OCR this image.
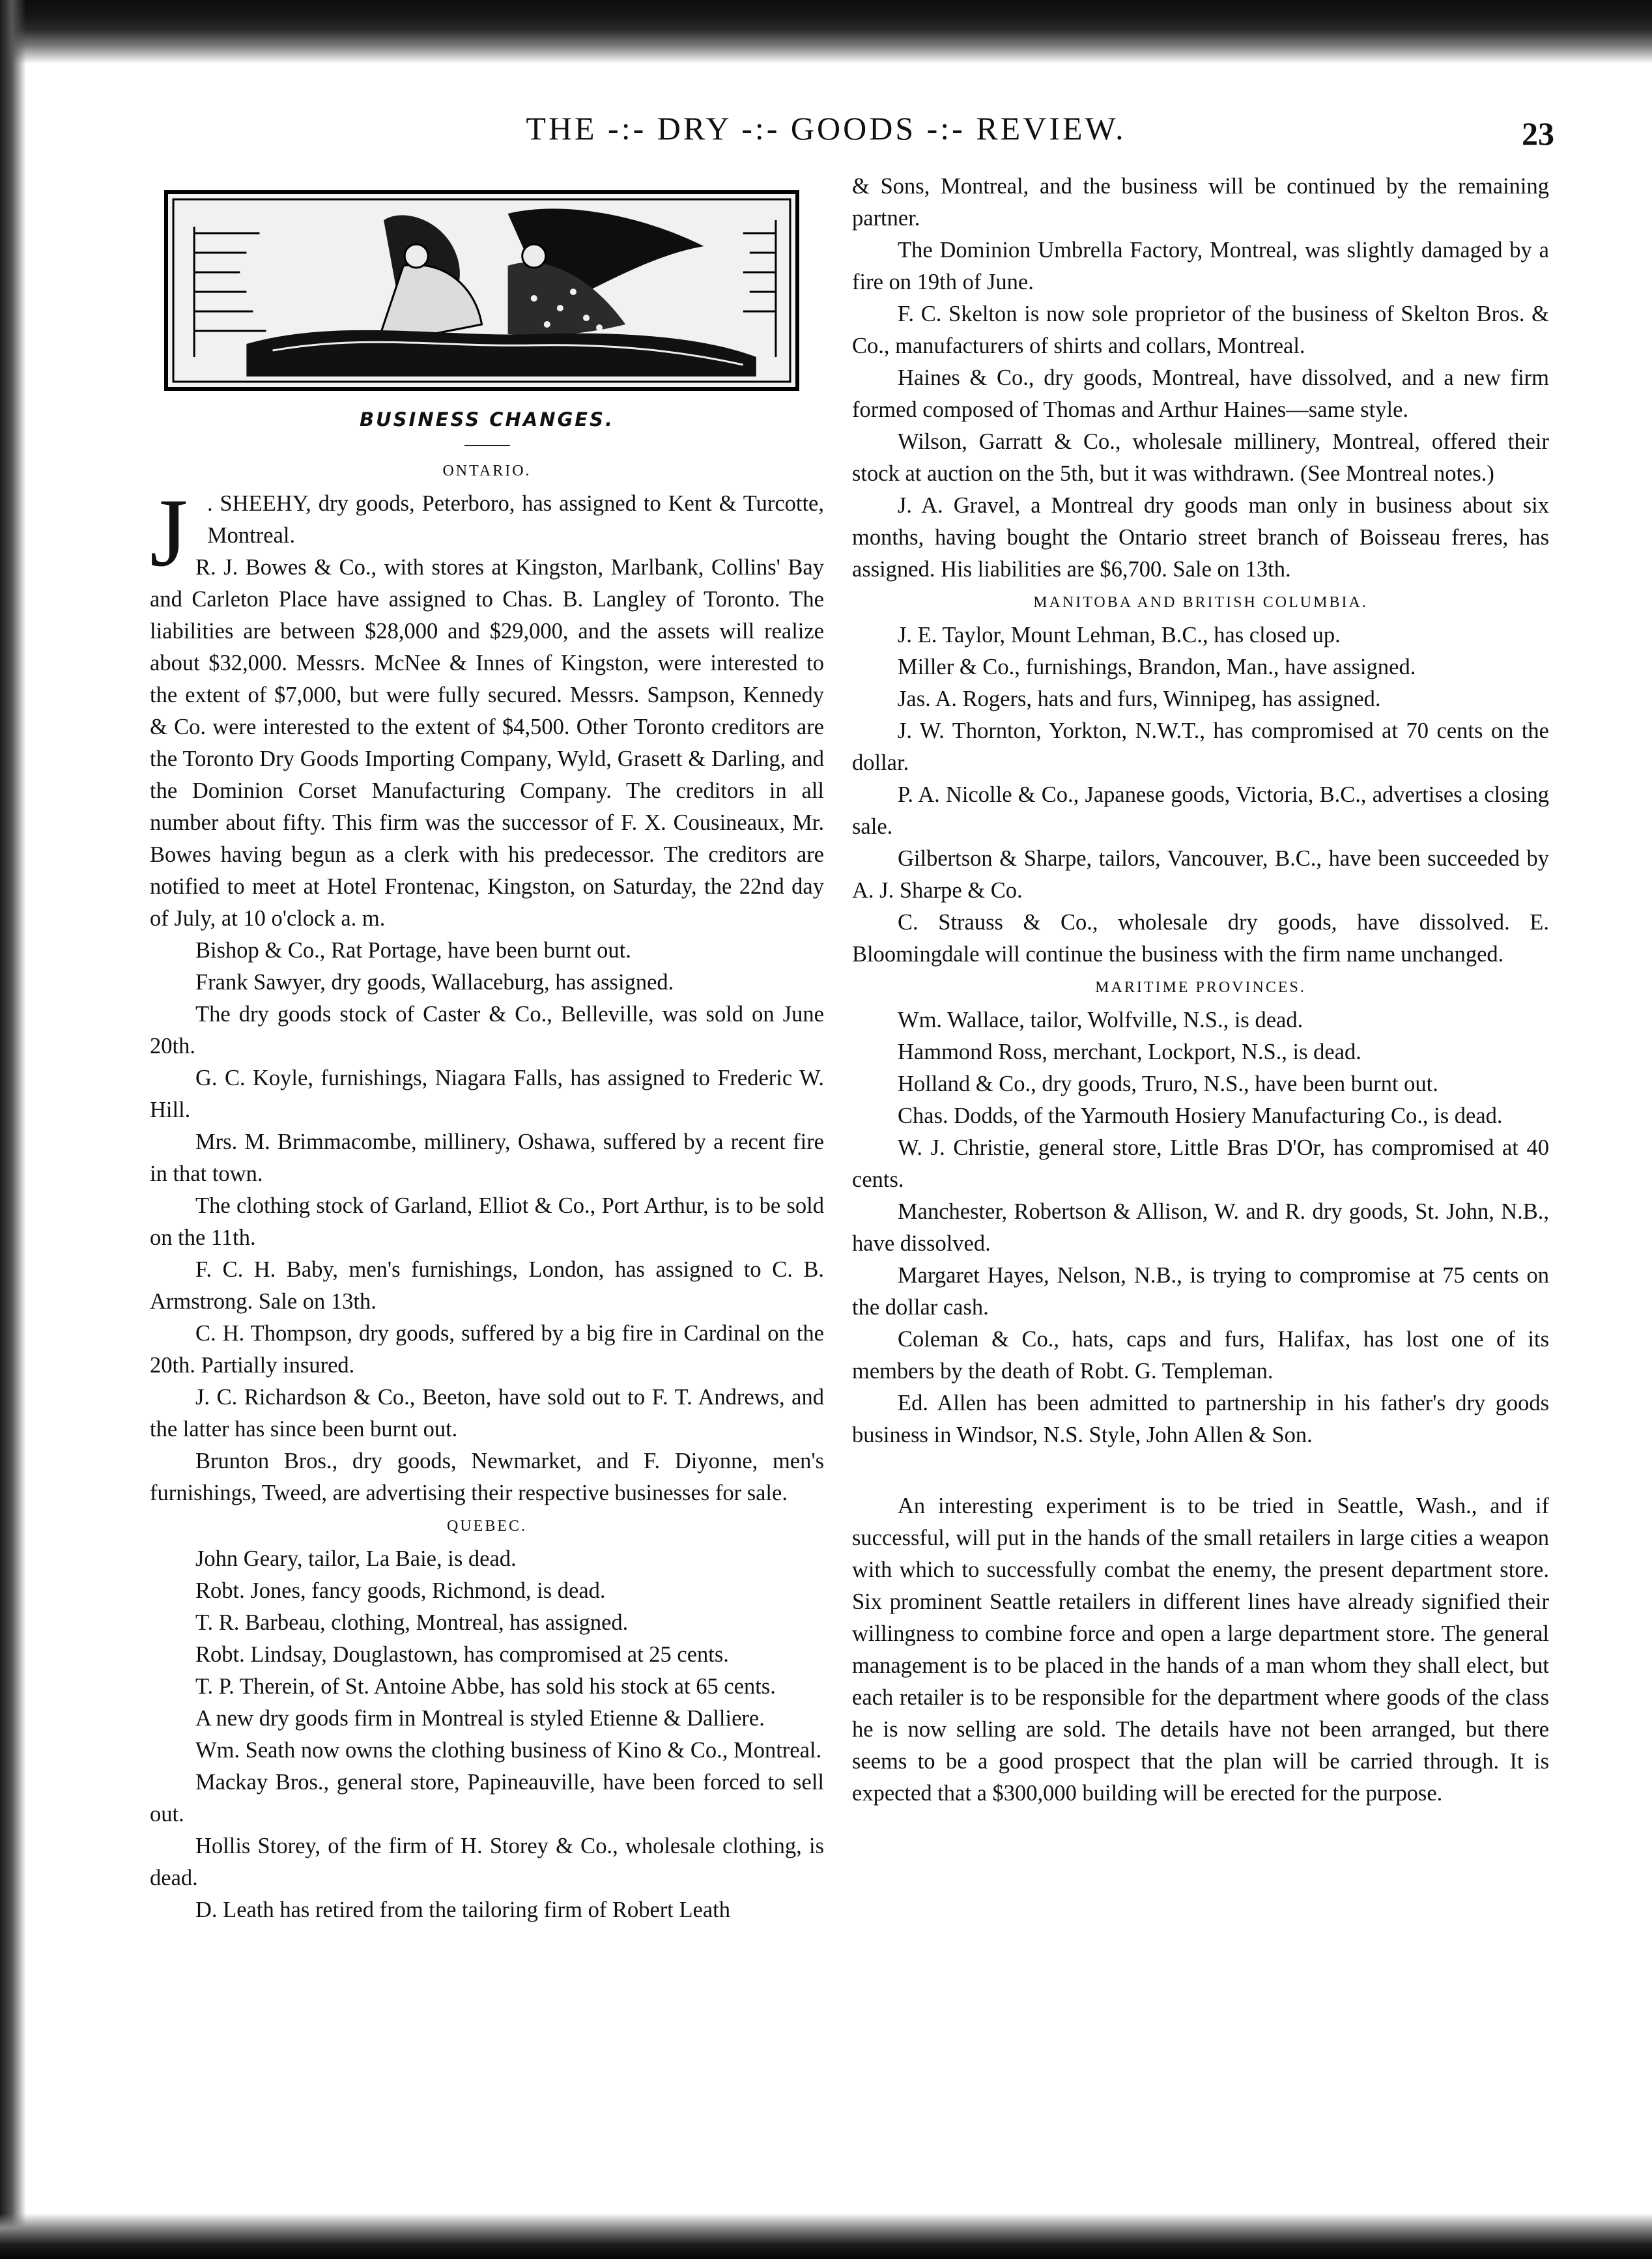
THE -:- DRY -:- GOODS -:- REVIEW.	23
BUSINESS CHANGES.
ONTARIO.
J . SHEEHY, dry goods, Peterboro, has assigned to Kent & Turcotte, Montreal.

R. J. Bowes & Co., with stores at Kingston, Marlbank, Collins' Bay and Carleton Place have assigned to Chas. B. Langley of Toronto. The liabilities are between $28,000 and $29,000, and the assets will realize about $32,000. Messrs. McNee & Innes of Kingston, were interested to the extent of $7,000, but were fully secured. Messrs. Sampson, Kennedy & Co. were interested to the extent of $4,500. Other Toronto creditors are the Toronto Dry Goods Importing Company, Wyld, Grasett & Darling, and the Dominion Corset Manufacturing Company. The creditors in all number about fifty. This firm was the successor of F. X. Cousineaux, Mr. Bowes having begun as a clerk with his predecessor. The creditors are notified to meet at Hotel Frontenac, Kingston, on Saturday, the 22nd day of July, at 10 o'clock a. m.

Bishop & Co., Rat Portage, have been burnt out.

Frank Sawyer, dry goods, Wallaceburg, has assigned.

The dry goods stock of Caster & Co., Belleville, was sold on June 20th.

G. C. Koyle, furnishings, Niagara Falls, has assigned to Frederic W. Hill.

Mrs. M. Brimmacombe, millinery, Oshawa, suffered by a recent fire in that town.

The clothing stock of Garland, Elliot & Co., Port Arthur, is to be sold on the 11th.

F. C. H. Baby, men's furnishings, London, has assigned to C. B. Armstrong. Sale on 13th.

C. H. Thompson, dry goods, suffered by a big fire in Cardinal on the 20th. Partially insured.

J. C. Richardson & Co., Beeton, have sold out to F. T. Andrews, and the latter has since been burnt out.

Brunton Bros., dry goods, Newmarket, and F. Diyonne, men's furnishings, Tweed, are advertising their respective businesses for sale.

QUEBEC.

John Geary, tailor, La Baie, is dead.

Robt. Jones, fancy goods, Richmond, is dead.

T. R. Barbeau, clothing, Montreal, has assigned.

Robt. Lindsay, Douglastown, has compromised at 25 cents.

T. P. Therein, of St. Antoine Abbe, has sold his stock at 65 cents.

A new dry goods firm in Montreal is styled Etienne & Dalliere.

Wm. Seath now owns the clothing business of Kino & Co., Montreal.

Mackay Bros., general store, Papineauville, have been forced to sell out.

Hollis Storey, of the firm of H. Storey & Co., wholesale clothing, is dead.

D. Leath has retired from the tailoring firm of Robert Leath

& Sons, Montreal, and the business will be continued by the remaining partner.

The Dominion Umbrella Factory, Montreal, was slightly damaged by a fire on 19th of June.

F. C. Skelton is now sole proprietor of the business of Skelton Bros. & Co., manufacturers of shirts and collars, Montreal.

Haines & Co., dry goods, Montreal, have dissolved, and a new firm formed composed of Thomas and Arthur Haines—same style.

Wilson, Garratt & Co., wholesale millinery, Montreal, offered their stock at auction on the 5th, but it was withdrawn. (See Montreal notes.)

J. A. Gravel, a Montreal dry goods man only in business about six months, having bought the Ontario street branch of Boisseau freres, has assigned. His liabilities are $6,700. Sale on 13th.

MANITOBA AND BRITISH COLUMBIA.

J. E. Taylor, Mount Lehman, B.C., has closed up.

Miller & Co., furnishings, Brandon, Man., have assigned.

Jas. A. Rogers, hats and furs, Winnipeg, has assigned.

J. W. Thornton, Yorkton, N.W.T., has compromised at 70 cents on the dollar.

P. A. Nicolle & Co., Japanese goods, Victoria, B.C., advertises a closing sale.

Gilbertson & Sharpe, tailors, Vancouver, B.C., have been succeeded by A. J. Sharpe & Co.

C. Strauss & Co., wholesale dry goods, have dissolved. E. Bloomingdale will continue the business with the firm name unchanged.

MARITIME PROVINCES.

Wm. Wallace, tailor, Wolfville, N.S., is dead.

Hammond Ross, merchant, Lockport, N.S., is dead.

Holland & Co., dry goods, Truro, N.S., have been burnt out.

Chas. Dodds, of the Yarmouth Hosiery Manufacturing Co., is dead.

W. J. Christie, general store, Little Bras D'Or, has compromised at 40 cents.

Manchester, Robertson & Allison, W. and R. dry goods, St. John, N.B., have dissolved.

Margaret Hayes, Nelson, N.B., is trying to compromise at 75 cents on the dollar cash.

Coleman & Co., hats, caps and furs, Halifax, has lost one of its members by the death of Robt. G. Templeman.

Ed. Allen has been admitted to partnership in his father's dry goods business in Windsor, N.S. Style, John Allen & Son.

An interesting experiment is to be tried in Seattle, Wash., and if successful, will put in the hands of the small retailers in large cities a weapon with which to successfully combat the enemy, the present department store. Six prominent Seattle retailers in different lines have already signified their willingness to combine force and open a large department store. The general management is to be placed in the hands of a man whom they shall elect, but each retailer is to be responsible for the department where goods of the class he is now selling are sold. The details have not been arranged, but there seems to be a good prospect that the plan will be carried through. It is expected that a $300,000 building will be erected for the purpose.
